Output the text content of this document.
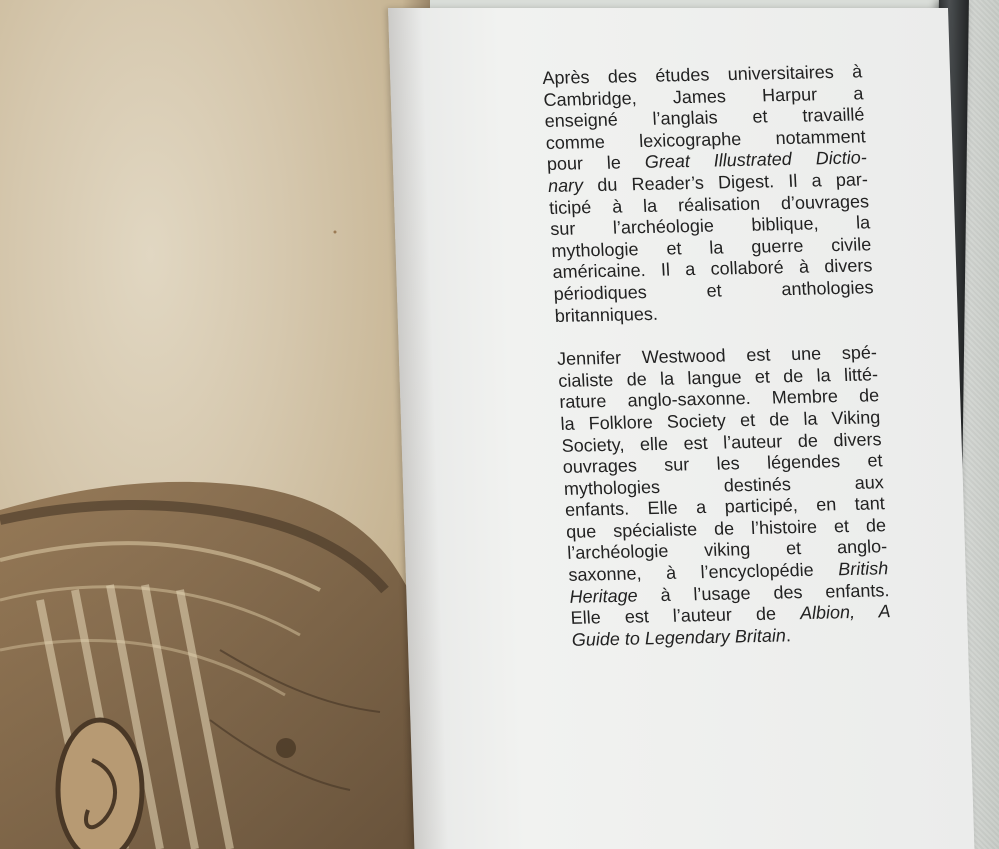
Après des études universitaires à
Cambridge, James Harpur a
enseigné l’anglais et travaillé
comme lexicographe notamment
pour le Great Illustrated Dictio-
nary du Reader’s Digest. Il a par-
ticipé à la réalisation d’ouvrages
sur l’archéologie biblique, la
mythologie et la guerre civile
américaine. Il a collaboré à divers
périodiques et anthologies
britanniques.
Jennifer Westwood est une spé-
cialiste de la langue et de la litté-
rature anglo-saxonne. Membre de
la Folklore Society et de la Viking
Society, elle est l’auteur de divers
ouvrages sur les légendes et
mythologies destinés aux
enfants. Elle a participé, en tant
que spécialiste de l’histoire et de
l’archéologie viking et anglo-
saxonne, à l’encyclopédie British
Heritage à l’usage des enfants.
Elle est l’auteur de Albion, A
Guide to Legendary Britain.
